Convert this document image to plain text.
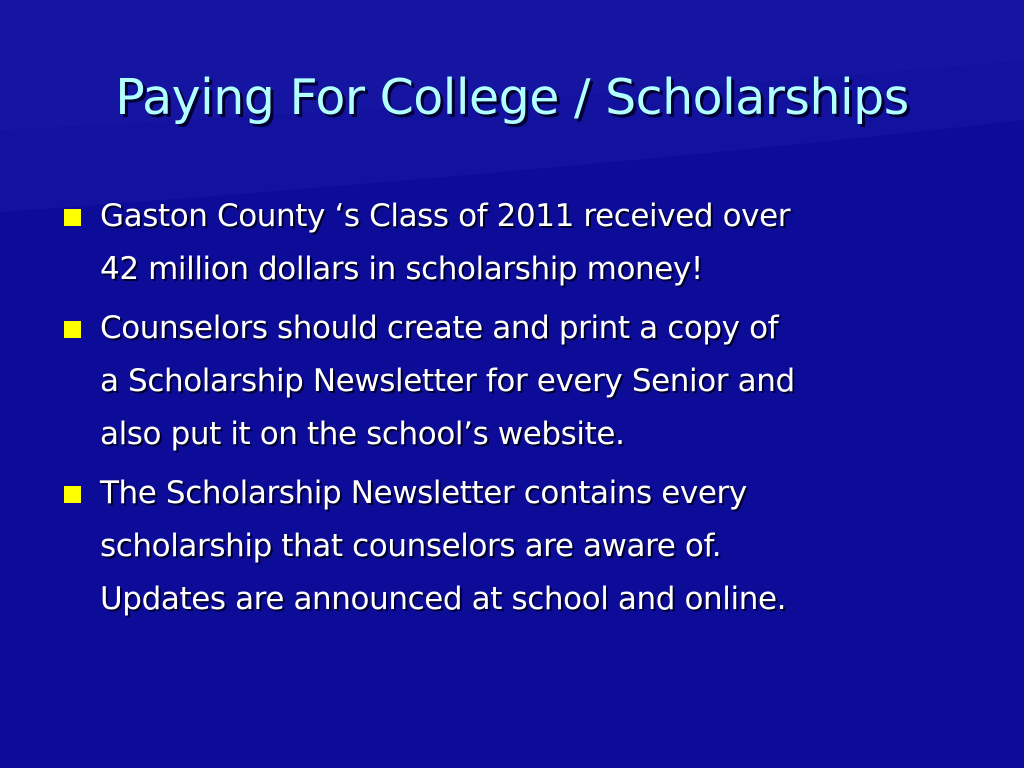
Paying For College / Scholarships
Gaston County ‘s Class of 2011 received over
42 million dollars in scholarship money!
Counselors should create and print a copy of
a Scholarship Newsletter for every Senior and
also put it on the school’s website.
The Scholarship Newsletter contains every
scholarship that counselors are aware of.
Updates are announced at school and online.
